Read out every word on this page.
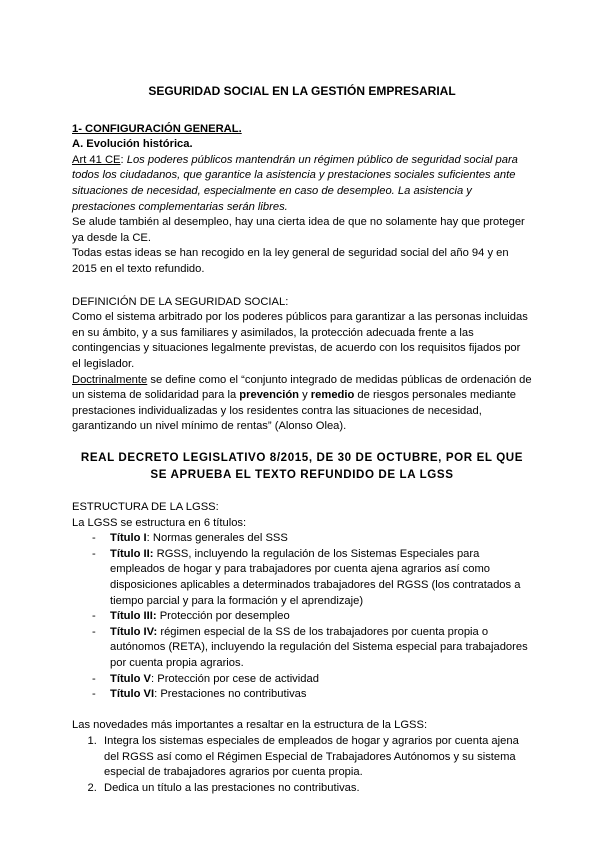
SEGURIDAD SOCIAL EN LA GESTIÓN EMPRESARIAL

1- CONFIGURACIÓN GENERAL.

A. Evolución histórica.

Art 41 CE: Los poderes públicos mantendrán un régimen público de seguridad social para todos los ciudadanos, que garantice la asistencia y prestaciones sociales suficientes ante situaciones de necesidad, especialmente en caso de desempleo. La asistencia y prestaciones complementarias serán libres.

Se alude también al desempleo, hay una cierta idea de que no solamente hay que proteger ya desde la CE.

Todas estas ideas se han recogido en la ley general de seguridad social del año 94 y en 2015 en el texto refundido.

DEFINICIÓN DE LA SEGURIDAD SOCIAL:

Como el sistema arbitrado por los poderes públicos para garantizar a las personas incluidas en su ámbito, y a sus familiares y asimilados, la protección adecuada frente a las contingencias y situaciones legalmente previstas, de acuerdo con los requisitos fijados por el legislador.

Doctrinalmente se define como el “conjunto integrado de medidas públicas de ordenación de un sistema de solidaridad para la prevención y remedio de riesgos personales mediante prestaciones individualizadas y los residentes contra las situaciones de necesidad, garantizando un nivel mínimo de rentas” (Alonso Olea).

REAL DECRETO LEGISLATIVO 8/2015, DE 30 DE OCTUBRE, POR EL QUE SE APRUEBA EL TEXTO REFUNDIDO DE LA LGSS

ESTRUCTURA DE LA LGSS:

La LGSS se estructura en 6 títulos:

- Título I: Normas generales del SSS
- Título II: RGSS, incluyendo la regulación de los Sistemas Especiales para empleados de hogar y para trabajadores por cuenta ajena agrarios así como disposiciones aplicables a determinados trabajadores del RGSS (los contratados a tiempo parcial y para la formación y el aprendizaje)
- Título III: Protección por desempleo
- Título IV: régimen especial de la SS de los trabajadores por cuenta propia o autónomos (RETA), incluyendo la regulación del Sistema especial para trabajadores por cuenta propia agrarios.
- Título V: Protección por cese de actividad
- Título VI: Prestaciones no contributivas

Las novedades más importantes a resaltar en la estructura de la LGSS:

1. Integra los sistemas especiales de empleados de hogar y agrarios por cuenta ajena del RGSS así como el Régimen Especial de Trabajadores Autónomos y su sistema especial de trabajadores agrarios por cuenta propia.
2. Dedica un título a las prestaciones no contributivas.
